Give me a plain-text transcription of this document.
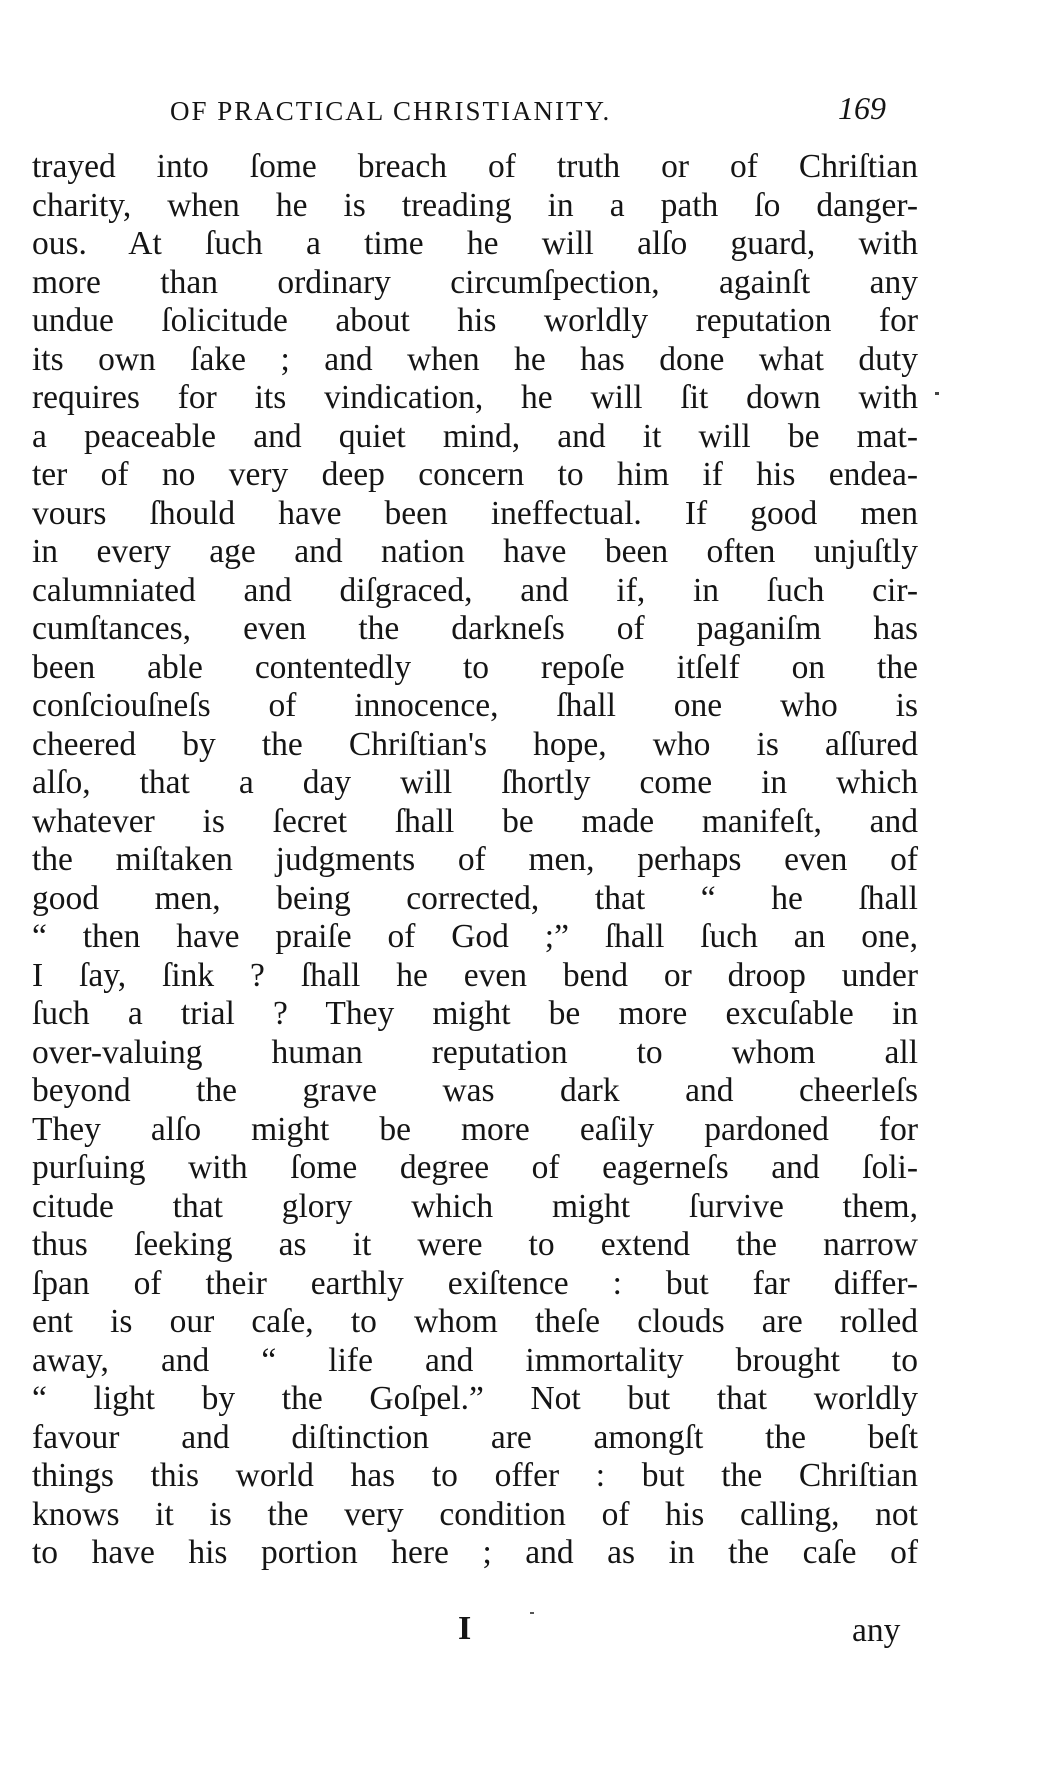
OF PRACTICAL CHRISTIANITY.	169
trayed into ſome breach of truth or of Chriſtian
charity, when he is treading in a path ſo danger-
ous. At ſuch a time he will alſo guard, with
more than ordinary circumſpection, againſt any
undue ſolicitude about his worldly reputation for
its own ſake ; and when he has done what duty
requires for its vindication, he will ſit down with
a peaceable and quiet mind, and it will be mat-
ter of no very deep concern to him if his endea-
vours ſhould have been ineffectual. If good men
in every age and nation have been often unjuſtly
calumniated and diſgraced, and if, in ſuch cir-
cumſtances, even the darkneſs of paganiſm has
been able contentedly to repoſe itſelf on the
conſciouſneſs of innocence, ſhall one who is
cheered by the Chriſtian's hope, who is aſſured
alſo, that a day will ſhortly come in which
whatever is ſecret ſhall be made manifeſt, and
the miſtaken judgments of men, perhaps even of
good men, being corrected, that “ he ſhall
“ then have praiſe of God ;” ſhall ſuch an one,
I ſay, ſink ? ſhall he even bend or droop under
ſuch a trial ? They might be more excuſable in
over-valuing human reputation to whom all
beyond the grave was dark and cheerleſs
They alſo might be more eaſily pardoned for
purſuing with ſome degree of eagerneſs and ſoli-
citude that glory which might ſurvive them,
thus ſeeking as it were to extend the narrow
ſpan of their earthly exiſtence : but far differ-
ent is our caſe, to whom theſe clouds are rolled
away, and “ life and immortality brought to
“ light by the Goſpel.” Not but that worldly
favour and diſtinction are amongſt the beſt
things this world has to offer : but the Chriſtian
knows it is the very condition of his calling, not
to have his portion here ; and as in the caſe of
I	any
